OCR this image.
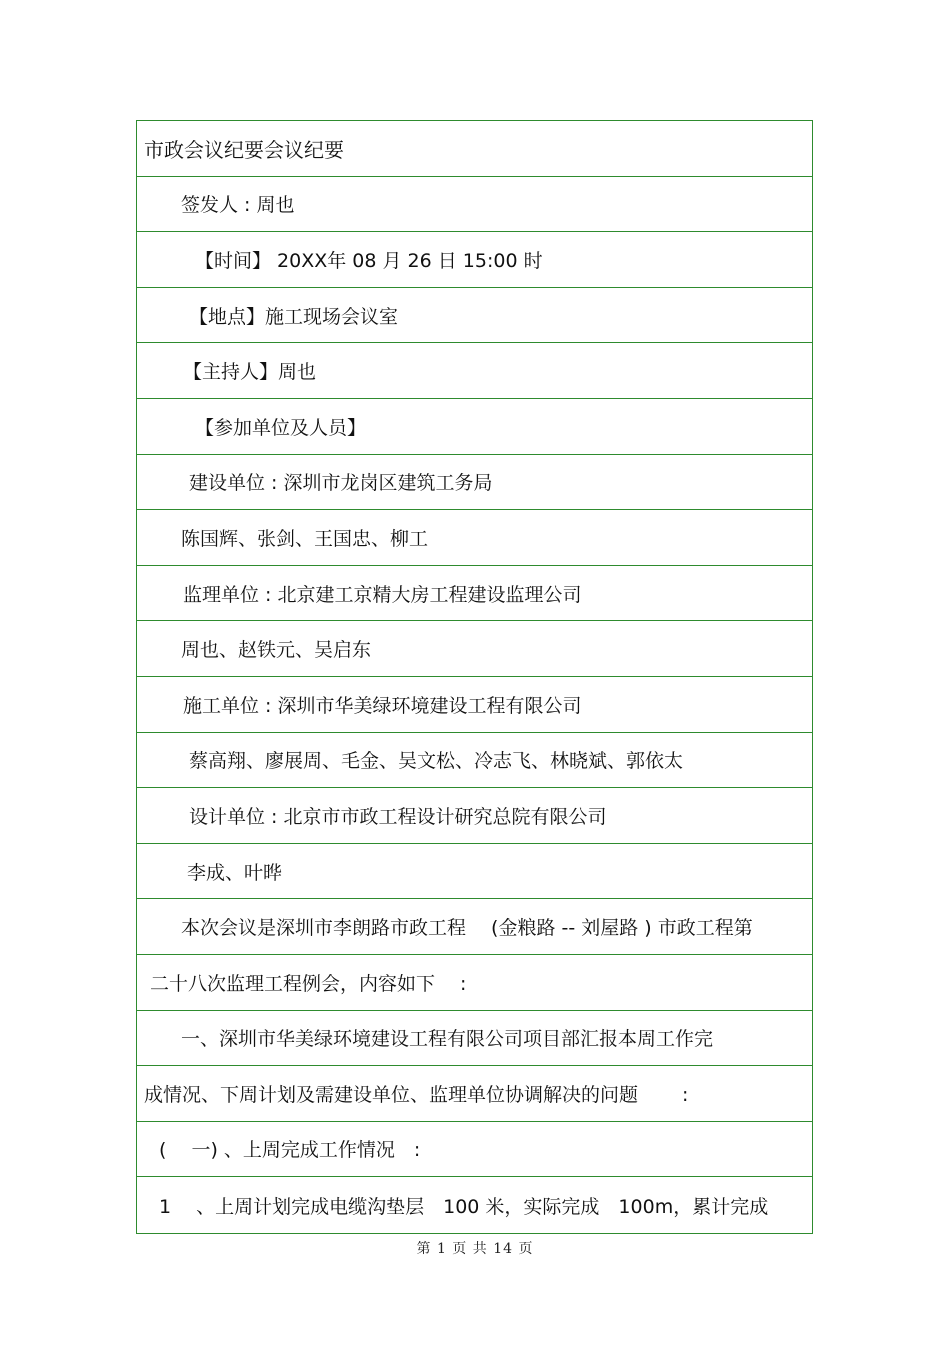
市政会议纪要会议纪要
签发人 : 周也
【时间】 20XX年 08 月 26 日 15:00 时
【地点】施工现场会议室
【主持人】周也
【参加单位及人员】
建设单位 : 深圳市龙岗区建筑工务局
陈国辉、张剑、王国忠、柳工
监理单位 : 北京建工京精大房工程建设监理公司
周也、赵铁元、吴启东
施工单位 : 深圳市华美绿环境建设工程有限公司
蔡高翔、廖展周、毛金、吴文松、冷志飞、林晓斌、郭依太
设计单位 : 北京市市政工程设计研究总院有限公司
李成、叶晔
本次会议是深圳市李朗路市政工程　 (金粮路 -- 刘屋路 ) 市政工程第
二十八次监理工程例会，内容如下　 :
一、深圳市华美绿环境建设工程有限公司项目部汇报本周工作完
成情况、下周计划及需建设单位、监理单位协调解决的问题　　 :
(　 一) 、上周完成工作情况　:
1　 、上周计划完成电缆沟垫层　100 米，实际完成　100m，累计完成
第 1 页 共 14 页
